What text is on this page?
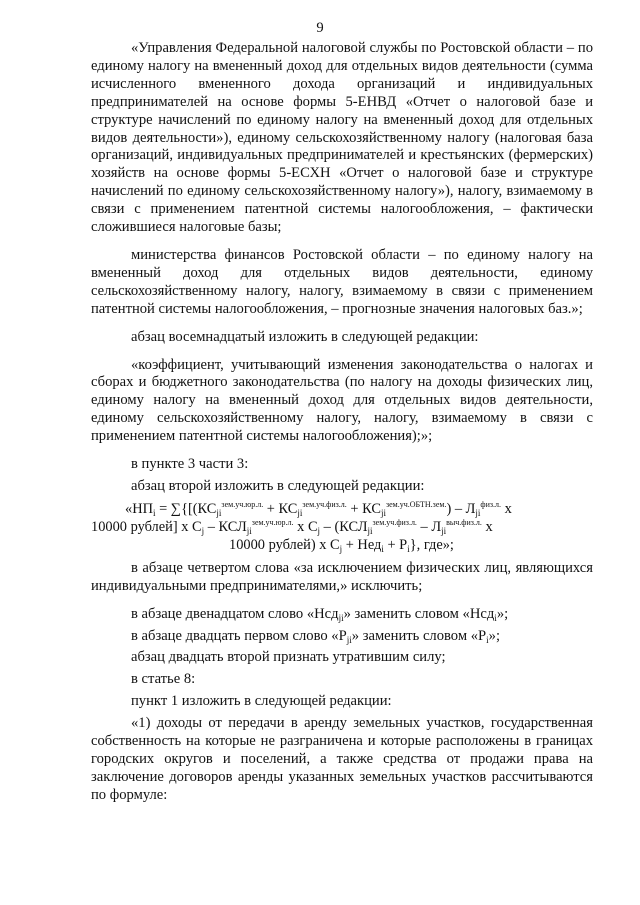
9

«Управления Федеральной налоговой службы по Ростовской области – по единому налогу на вмененный доход для отдельных видов деятельности (сумма исчисленного вмененного дохода организаций и индивидуальных предпринимателей на основе формы 5-ЕНВД «Отчет о налоговой базе и структуре начислений по единому налогу на вмененный доход для отдельных видов деятельности»), единому сельскохозяйственному налогу (налоговая база организаций, индивидуальных предпринимателей и крестьянских (фермерских) хозяйств на основе формы 5-ЕСХН «Отчет о налоговой базе и структуре начислений по единому сельскохозяйственному налогу»), налогу, взимаемому в связи с применением патентной системы налогообложения, – фактически сложившиеся налоговые базы;

министерства финансов Ростовской области – по единому налогу на вмененный доход для отдельных видов деятельности, единому сельскохозяйственному налогу, налогу, взимаемому в связи с применением патентной системы налогообложения, – прогнозные значения налоговых баз.»;

абзац восемнадцатый изложить в следующей редакции:

«коэффициент, учитывающий изменения законодательства о налогах и сборах и бюджетного законодательства (по налогу на доходы физических лиц, единому налогу на вмененный доход для отдельных видов деятельности, единому сельскохозяйственному налогу, налогу, взимаемому в связи с применением патентной системы налогообложения);»;

в пункте 3 части 3:

абзац второй изложить в следующей редакции:

«$НП_i = \sum\{[(КС_{ji}^{зем.уч.юр.л.} + КС_{ji}^{зем.уч.физ.л.} + КС_{ji}^{зем.уч.ОБТН.зем.}) - Л_{ji}^{физ.л.}$ х
10000 рублей] х $С_j - КСЛ_{ji}^{зем.уч.юр.л.}$ х $С_j - (КСЛ_{ji}^{зем.уч.физ.л.} - Л_{ji}^{выч.физ.л.}$ х
10000 рублей) х $С_j + Нед_i + Р_i$}, где»;

в абзаце четвертом слова «за исключением физических лиц, являющихся индивидуальными предпринимателями,» исключить;

в абзаце двенадцатом слово «Нсд$_{ji}$» заменить словом «Нсд$_i$»;

в абзаце двадцать первом слово «$Р_{ji}$» заменить словом «$Р_i$»;

абзац двадцать второй признать утратившим силу;

в статье 8:

пункт 1 изложить в следующей редакции:

«1) доходы от передачи в аренду земельных участков, государственная собственность на которые не разграничена и которые расположены в границах городских округов и поселений, а также средства от продажи права на заключение договоров аренды указанных земельных участков рассчитываются по формуле:
